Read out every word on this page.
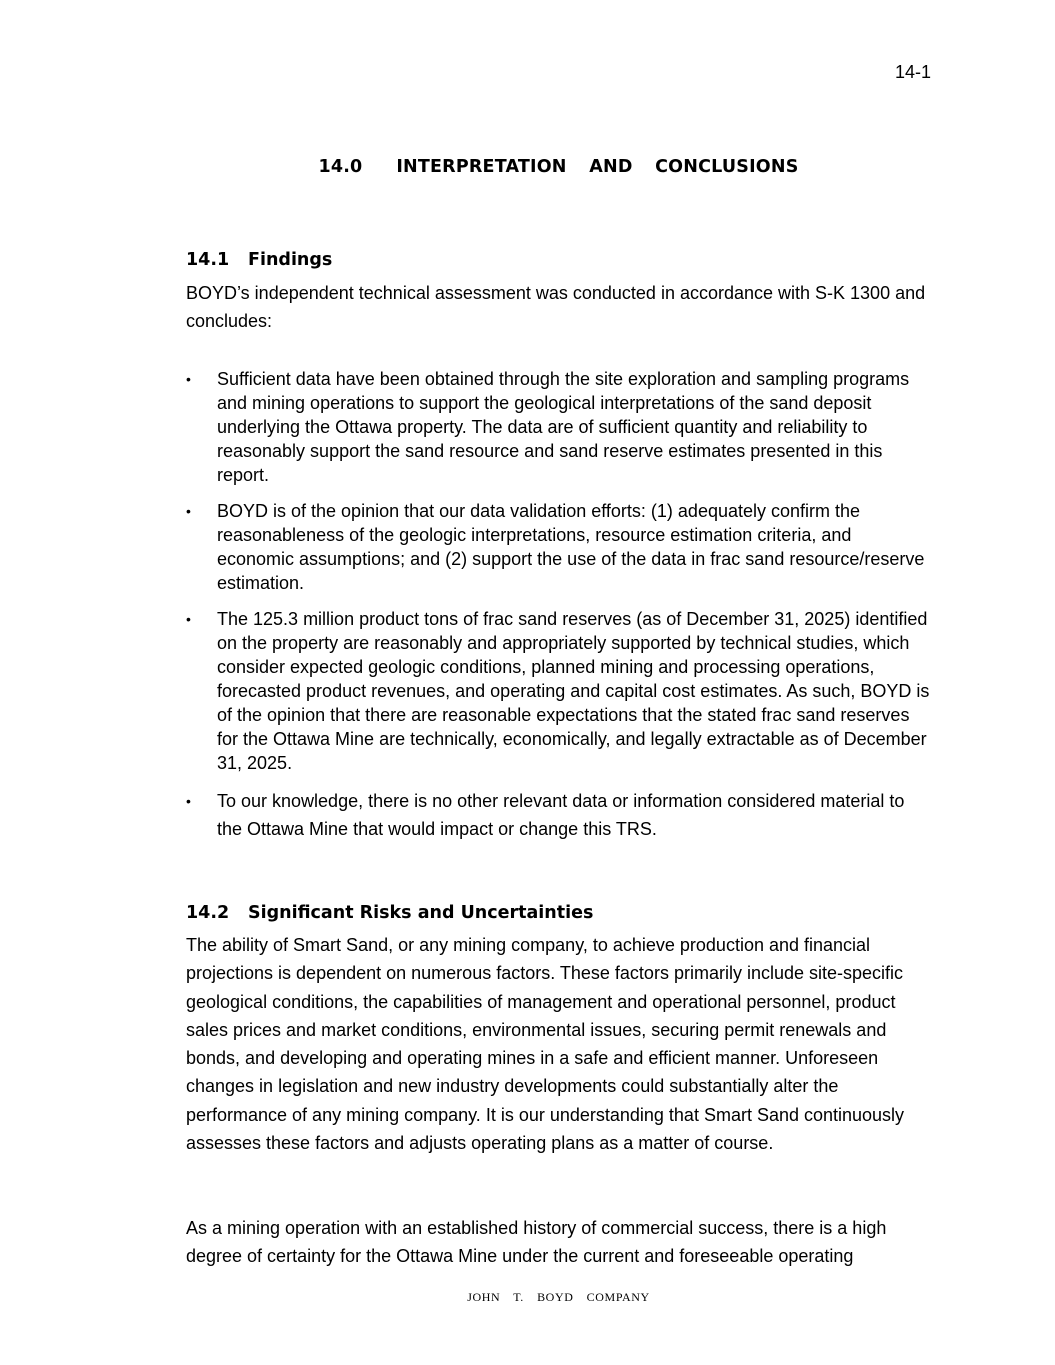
14-1
14.0 INTERPRETATION  AND  CONCLUSIONS
14.1 Findings

BOYD’s independent technical assessment was conducted in accordance with S-K 1300 and concludes:

• Sufficient data have been obtained through the site exploration and sampling programs and mining operations to support the geological interpretations of the sand deposit underlying the Ottawa property. The data are of sufficient quantity and reliability to reasonably support the sand resource and sand reserve estimates presented in this report.
• BOYD is of the opinion that our data validation efforts: (1) adequately confirm the reasonableness of the geologic interpretations, resource estimation criteria, and economic assumptions; and (2) support the use of the data in frac sand resource/reserve estimation.
• The 125.3 million product tons of frac sand reserves (as of December 31, 2025) identified on the property are reasonably and appropriately supported by technical studies, which consider expected geologic conditions, planned mining and processing operations, forecasted product revenues, and operating and capital cost estimates. As such, BOYD is of the opinion that there are reasonable expectations that the stated frac sand reserves for the Ottawa Mine are technically, economically, and legally extractable as of December 31, 2025.
• To our knowledge, there is no other relevant data or information considered material to the Ottawa Mine that would impact or change this TRS.
14.2 Significant Risks and Uncertainties

The ability of Smart Sand, or any mining company, to achieve production and financial projections is dependent on numerous factors. These factors primarily include site-specific geological conditions, the capabilities of management and operational personnel, product sales prices and market conditions, environmental issues, securing permit renewals and bonds, and developing and operating mines in a safe and efficient manner. Unforeseen changes in legislation and new industry developments could substantially alter the performance of any mining company. It is our understanding that Smart Sand continuously assesses these factors and adjusts operating plans as a matter of course.

As a mining operation with an established history of commercial success, there is a high degree of certainty for the Ottawa Mine under the current and foreseeable operating

JOHN  T.  BOYD  COMPANY
